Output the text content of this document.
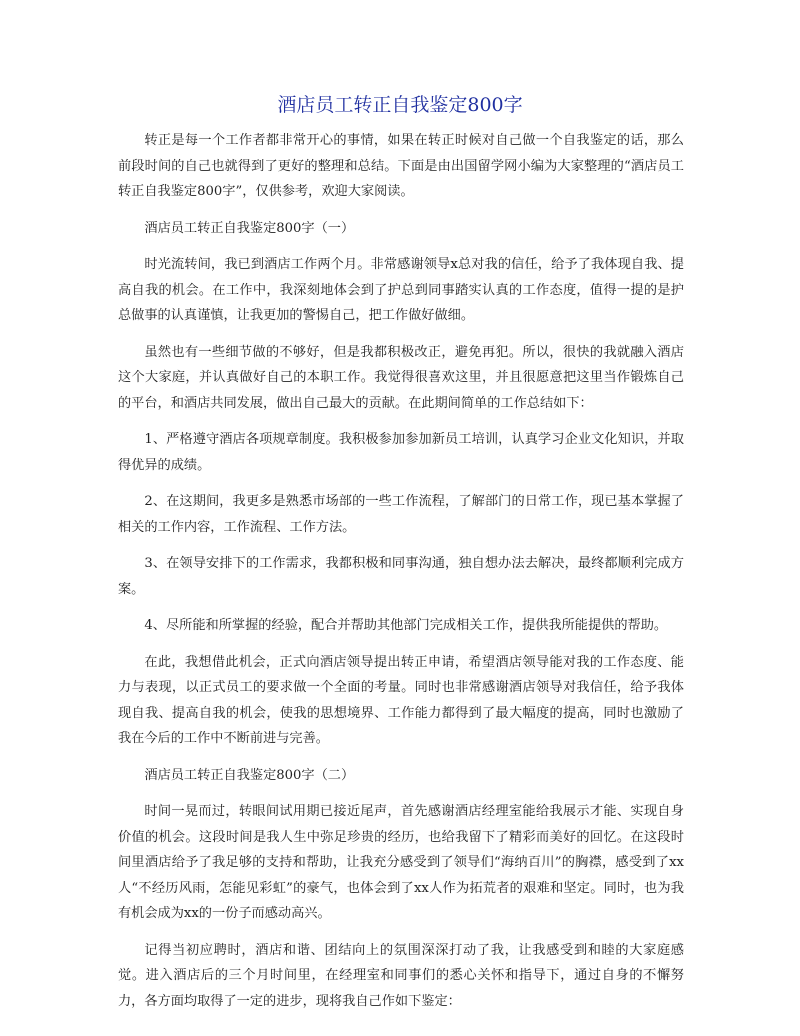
酒店员工转正自我鉴定800字

转正是每一个工作者都非常开心的事情，如果在转正时候对自己做一个自我鉴定的话，那么前段时间的自己也就得到了更好的整理和总结。下面是由出国留学网小编为大家整理的“酒店员工转正自我鉴定800字”，仅供参考，欢迎大家阅读。

酒店员工转正自我鉴定800字（一）

时光流转间，我已到酒店工作两个月。非常感谢领导x总对我的信任，给予了我体现自我、提高自我的机会。在工作中，我深刻地体会到了护总到同事踏实认真的工作态度，值得一提的是护总做事的认真谨慎，让我更加的警惕自己，把工作做好做细。

虽然也有一些细节做的不够好，但是我都积极改正，避免再犯。所以，很快的我就融入酒店这个大家庭，并认真做好自己的本职工作。我觉得很喜欢这里，并且很愿意把这里当作锻炼自己的平台，和酒店共同发展，做出自己最大的贡献。在此期间简单的工作总结如下：

1、严格遵守酒店各项规章制度。我积极参加参加新员工培训，认真学习企业文化知识，并取得优异的成绩。

2、在这期间，我更多是熟悉市场部的一些工作流程，了解部门的日常工作，现已基本掌握了相关的工作内容，工作流程、工作方法。

3、在领导安排下的工作需求，我都积极和同事沟通，独自想办法去解决，最终都顺利完成方案。

4、尽所能和所掌握的经验，配合并帮助其他部门完成相关工作，提供我所能提供的帮助。

在此，我想借此机会，正式向酒店领导提出转正申请，希望酒店领导能对我的工作态度、能力与表现，以正式员工的要求做一个全面的考量。同时也非常感谢酒店领导对我信任，给予我体现自我、提高自我的机会，使我的思想境界、工作能力都得到了最大幅度的提高，同时也激励了我在今后的工作中不断前进与完善。

酒店员工转正自我鉴定800字（二）

时间一晃而过，转眼间试用期已接近尾声，首先感谢酒店经理室能给我展示才能、实现自身价值的机会。这段时间是我人生中弥足珍贵的经历，也给我留下了精彩而美好的回忆。在这段时间里酒店给予了我足够的支持和帮助，让我充分感受到了领导们“海纳百川”的胸襟，感受到了xx人“不经历风雨，怎能见彩虹”的豪气，也体会到了xx人作为拓荒者的艰难和坚定。同时，也为我有机会成为xx的一份子而感动高兴。

记得当初应聘时，酒店和谐、团结向上的氛围深深打动了我，让我感受到和睦的大家庭感觉。进入酒店后的三个月时间里，在经理室和同事们的悉心关怀和指导下，通过自身的不懈努力，各方面均取得了一定的进步，现将我自己作如下鉴定：
